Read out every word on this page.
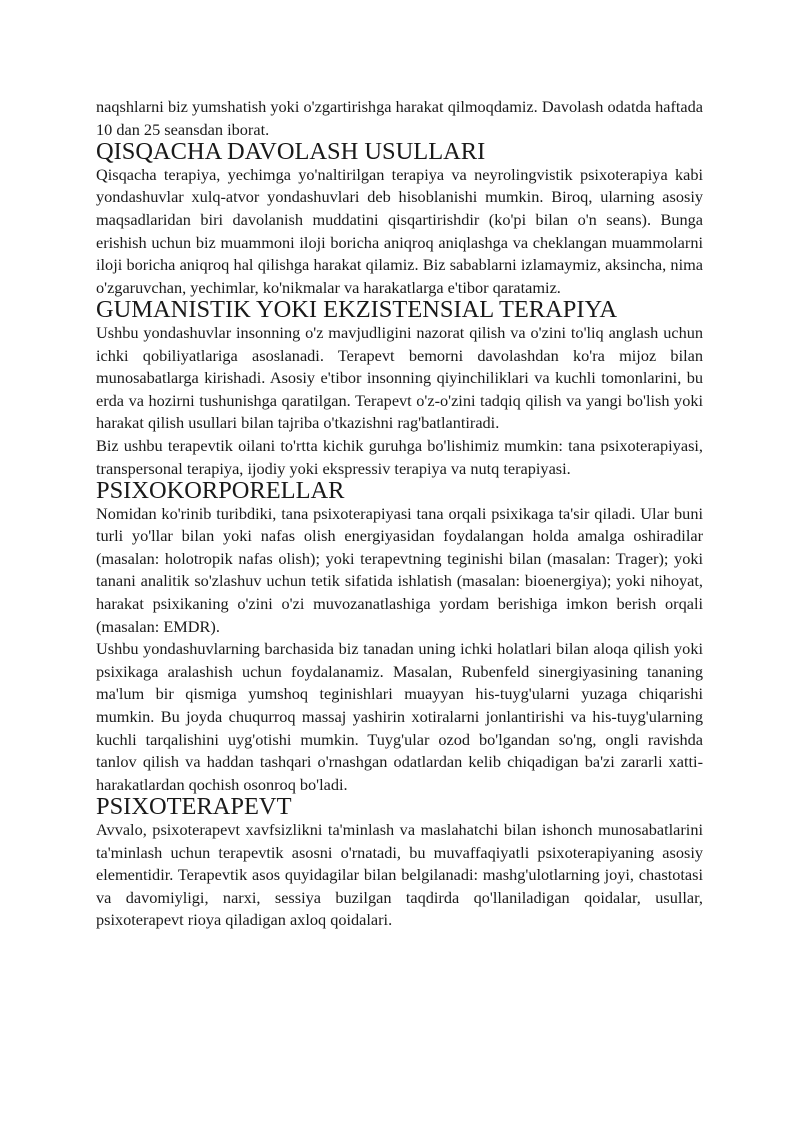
naqshlarni biz yumshatish yoki o'zgartirishga harakat qilmoqdamiz. Davolash odatda haftada 10 dan 25 seansdan iborat.

QISQACHA DAVOLASH USULLARI

Qisqacha terapiya, yechimga yo'naltirilgan terapiya va neyrolingvistik psixoterapiya kabi yondashuvlar xulq-atvor yondashuvlari deb hisoblanishi mumkin. Biroq, ularning asosiy maqsadlaridan biri davolanish muddatini qisqartirishdir (ko'pi bilan o'n seans). Bunga erishish uchun biz muammoni iloji boricha aniqroq aniqlashga va cheklangan muammolarni iloji boricha aniqroq hal qilishga harakat qilamiz. Biz sabablarni izlamaymiz, aksincha, nima o'zgaruvchan, yechimlar, ko'nikmalar va harakatlarga e'tibor qaratamiz.

GUMANISTIK YOKI EKZISTENSIAL TERAPIYA

Ushbu yondashuvlar insonning o'z mavjudligini nazorat qilish va o'zini to'liq anglash uchun ichki qobiliyatlariga asoslanadi. Terapevt bemorni davolashdan ko'ra mijoz bilan munosabatlarga kirishadi. Asosiy e'tibor insonning qiyinchiliklari va kuchli tomonlarini, bu erda va hozirni tushunishga qaratilgan. Terapevt o'z-o'zini tadqiq qilish va yangi bo'lish yoki harakat qilish usullari bilan tajriba o'tkazishni rag'batlantiradi.

Biz ushbu terapevtik oilani to'rtta kichik guruhga bo'lishimiz mumkin: tana psixoterapiyasi, transpersonal terapiya, ijodiy yoki ekspressiv terapiya va nutq terapiyasi.

PSIXOKORPORELLAR

Nomidan ko'rinib turibdiki, tana psixoterapiyasi tana orqali psixikaga ta'sir qiladi. Ular buni turli yo'llar bilan yoki nafas olish energiyasidan foydalangan holda amalga oshiradilar (masalan: holotropik nafas olish); yoki terapevtning teginishi bilan (masalan: Trager); yoki tanani analitik so'zlashuv uchun tetik sifatida ishlatish (masalan: bioenergiya); yoki nihoyat, harakat psixikaning o'zini o'zi muvozanatlashiga yordam berishiga imkon berish orqali (masalan: EMDR).

Ushbu yondashuvlarning barchasida biz tanadan uning ichki holatlari bilan aloqa qilish yoki psixikaga aralashish uchun foydalanamiz. Masalan, Rubenfeld sinergiyasining tananing ma'lum bir qismiga yumshoq teginishlari muayyan his-tuyg'ularni yuzaga chiqarishi mumkin. Bu joyda chuqurroq massaj yashirin xotiralarni jonlantirishi va his-tuyg'ularning kuchli tarqalishini uyg'otishi mumkin. Tuyg'ular ozod bo'lgandan so'ng, ongli ravishda tanlov qilish va haddan tashqari o'rnashgan odatlardan kelib chiqadigan ba'zi zararli xatti-harakatlardan qochish osonroq bo'ladi.

PSIXOTERAPEVT

Avvalo, psixoterapevt xavfsizlikni ta'minlash va maslahatchi bilan ishonch munosabatlarini ta'minlash uchun terapevtik asosni o'rnatadi, bu muvaffaqiyatli psixoterapiyaning asosiy elementidir. Terapevtik asos quyidagilar bilan belgilanadi: mashg'ulotlarning joyi, chastotasi va davomiyligi, narxi, sessiya buzilgan taqdirda qo'llaniladigan qoidalar, usullar, psixoterapevt rioya qiladigan axloq qoidalari.
